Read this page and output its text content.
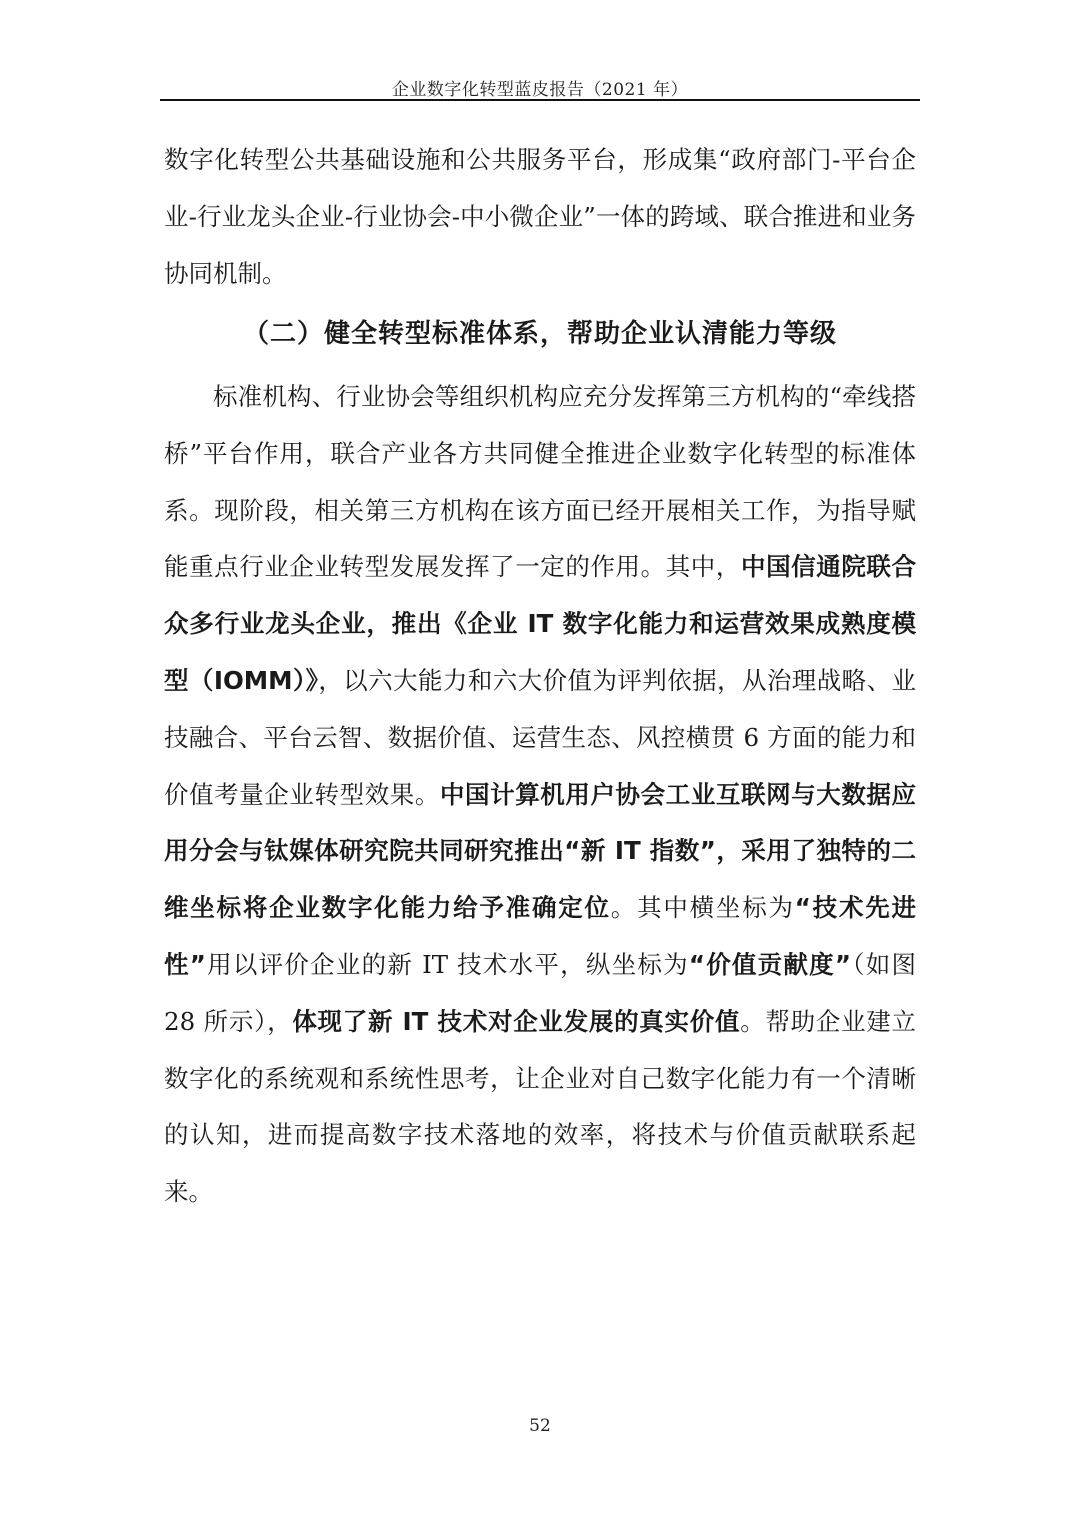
企业数字化转型蓝皮报告（2021 年）
数字化转型公共基础设施和公共服务平台，形成集“政府部门-平台企业-行业龙头企业-行业协会-中小微企业”一体的跨域、联合推进和业务协同机制。
（二）健全转型标准体系，帮助企业认清能力等级
标准机构、行业协会等组织机构应充分发挥第三方机构的“牵线搭桥”平台作用，联合产业各方共同健全推进企业数字化转型的标准体系。现阶段，相关第三方机构在该方面已经开展相关工作，为指导赋能重点行业企业转型发展发挥了一定的作用。其中，中国信通院联合众多行业龙头企业，推出《企业 IT 数字化能力和运营效果成熟度模型（IOMM）》，以六大能力和六大价值为评判依据，从治理战略、业技融合、平台云智、数据价值、运营生态、风控横贯 6 方面的能力和价值考量企业转型效果。中国计算机用户协会工业互联网与大数据应用分会与钛媒体研究院共同研究推出“新 IT 指数”，采用了独特的二维坐标将企业数字化能力给予准确定位。其中横坐标为“技术先进性”用以评价企业的新 IT 技术水平，纵坐标为“价值贡献度”（如图 28 所示），体现了新 IT 技术对企业发展的真实价值。帮助企业建立数字化的系统观和系统性思考，让企业对自己数字化能力有一个清晰的认知，进而提高数字技术落地的效率，将技术与价值贡献联系起来。
52
